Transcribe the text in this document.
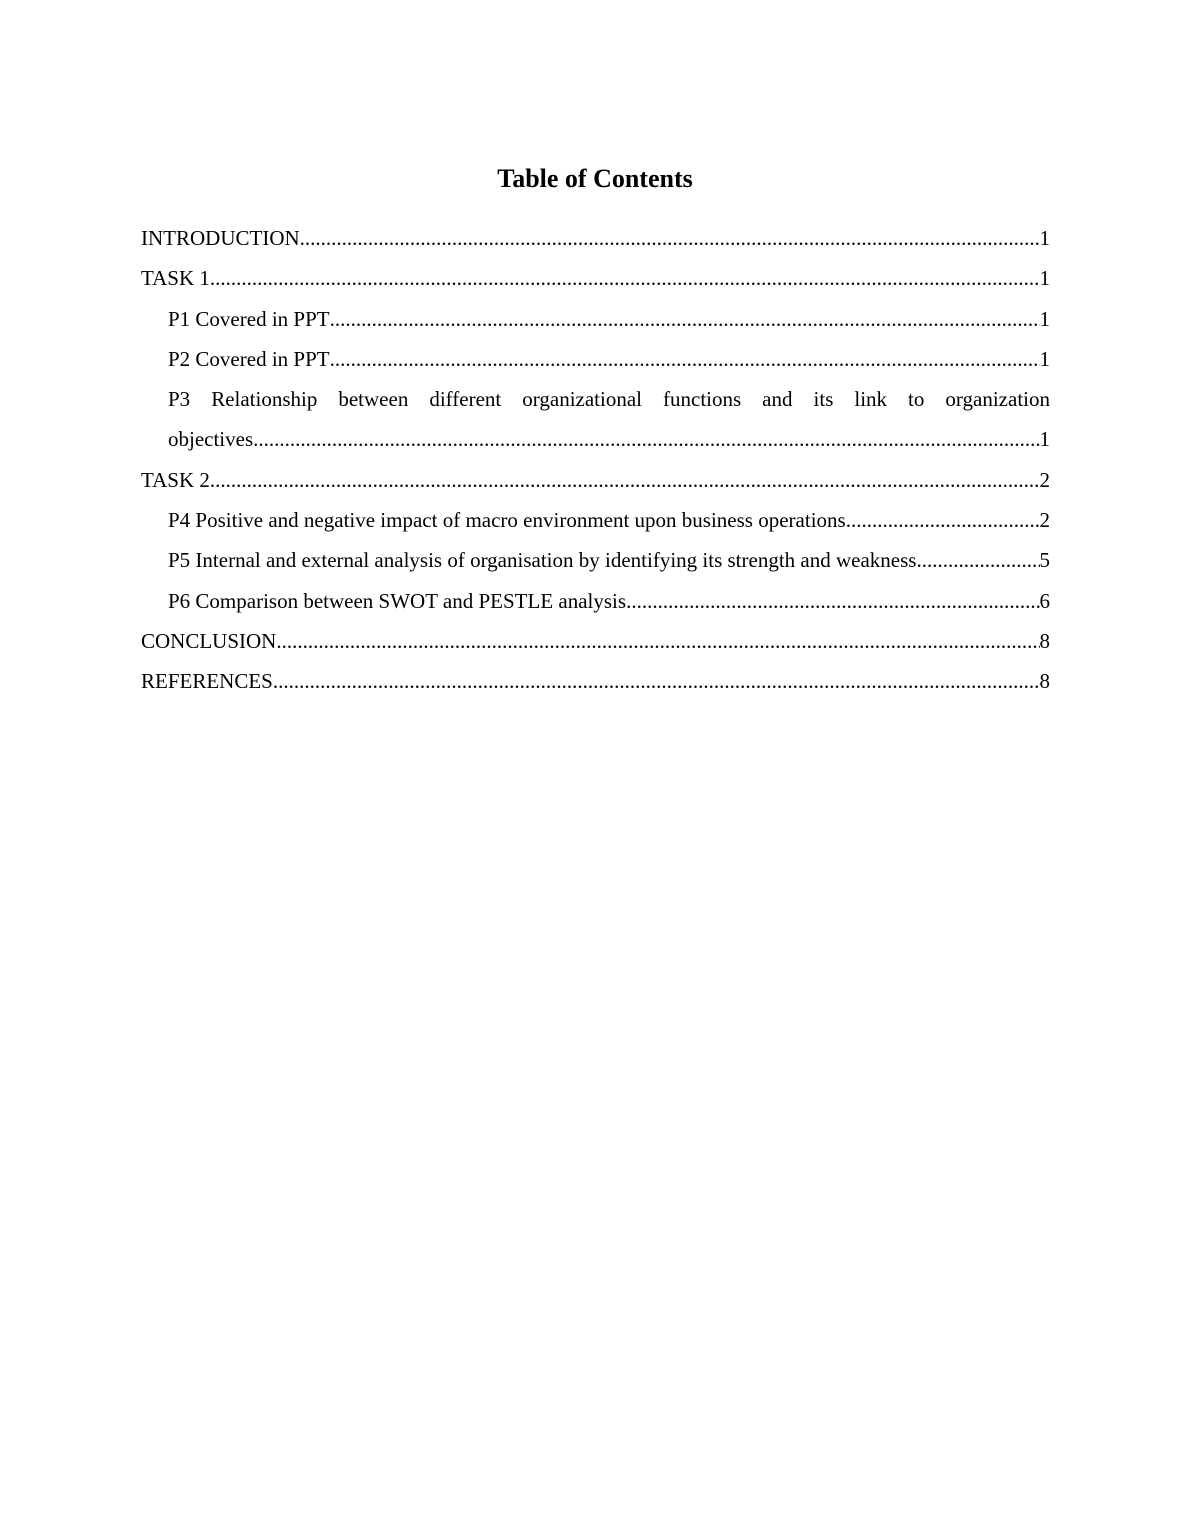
Table of Contents
INTRODUCTION .....	1
TASK 1 .....	1
P1 Covered in PPT .....	1
P2 Covered in PPT .....	1
P3 Relationship between different organizational functions and its link to organization
objectives .....	1
TASK 2 .....	2
P4 Positive and negative impact of macro environment upon business operations .....	2
P5 Internal and external analysis of organisation by identifying its strength and weakness .....	5
P6 Comparison between SWOT and PESTLE analysis .....	6
CONCLUSION .....	8
REFERENCES .....	8
